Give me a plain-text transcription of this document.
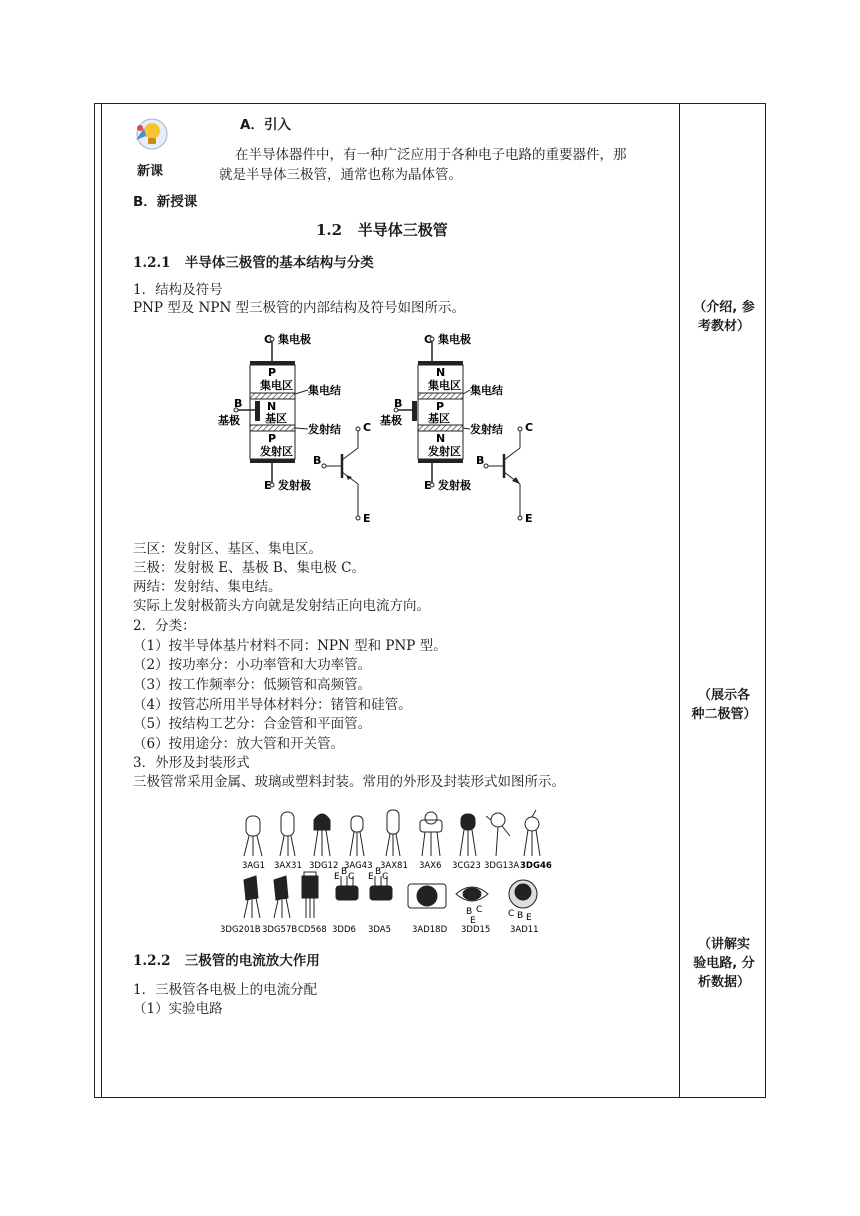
新课
A．引入
在半导体器件中，有一种广泛应用于各种电子电路的重要器件，那
就是半导体三极管，通常也称为晶体管。
B．新授课
1.2 半导体三极管
1.2.1 半导体三极管的基本结构与分类
1．结构及符号
PNP 型及 NPN 型三极管的内部结构及符号如图所示。
C 集电极
P
集电区 集电结
N
基区
B
基极
发射结
P
发射区
E 发射极
B
C
E
C 集电极
N
集电区 集电结
P
基区
B
基极
发射结
N
发射区
E 发射极
B
C
E
三区：发射区、基区、集电区。
三极：发射极 E、基极 B、集电极 C。
两结：发射结、集电结。
实际上发射极箭头方向就是发射结正向电流方向。
2．分类：
（1）按半导体基片材料不同：NPN 型和 PNP 型。
（2）按功率分：小功率管和大功率管。
（3）按工作频率分：低频管和高频管。
（4）按管芯所用半导体材料分：锗管和硅管。
（5）按结构工艺分：合金管和平面管。
（6）按用途分：放大管和开关管。
3．外形及封装形式
三极管常采用金属、玻璃或塑料封装。常用的外形及封装形式如图所示。
E B C E B C
B C
E
C B E
3AG1 3AX31 3DG12 3AG43 3AX81 3AX6 3CG23 3DG13A 3DG46
3DG201B 3DG57B CD568 3DD6 3DA5 3AD18D 3DD15 3AD11
1.2.2 三极管的电流放大作用
1．三极管各电极上的电流分配
（1）实验电路
（介绍, 参
考教材）
（展示各
种二极管）
（讲解实
验电路, 分
析数据）
